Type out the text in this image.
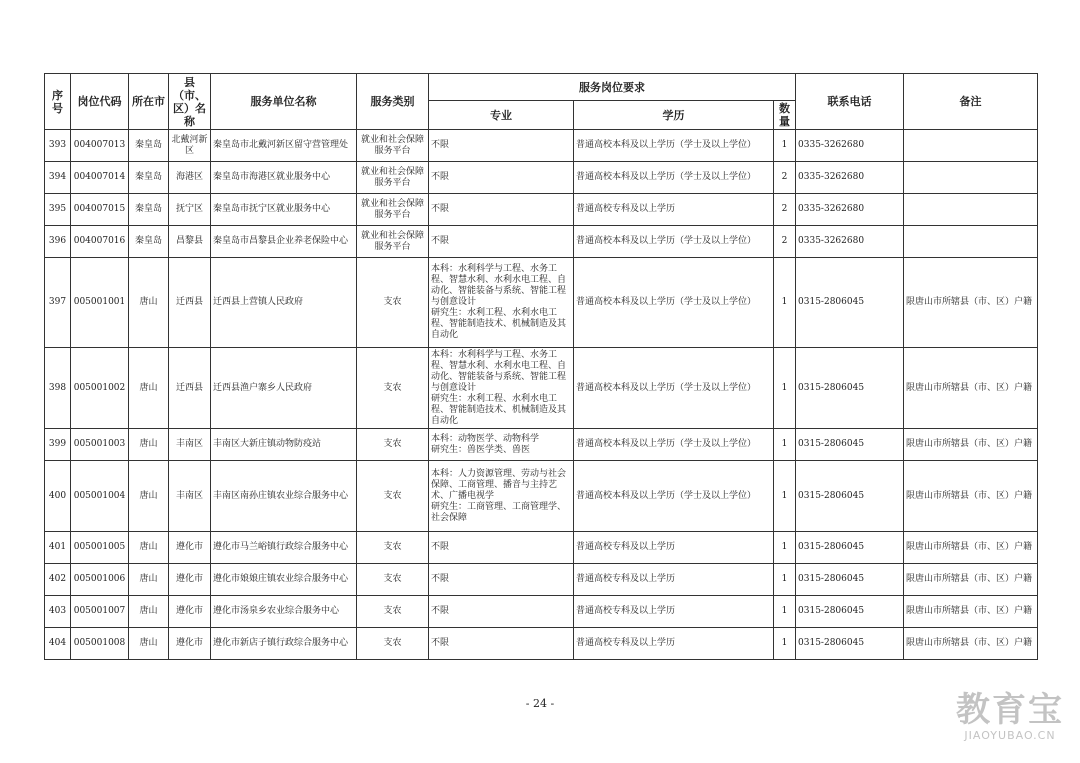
序号	岗位代码	所在市	县（市、区）名称	服务单位名称	服务类别	服务岗位要求			联系电话	备注
						专业	学历	数量		
393	004007013	秦皇岛	北戴河新区	秦皇岛市北戴河新区留守营管理处	就业和社会保障服务平台	不限	普通高校本科及以上学历（学士及以上学位）	1	0335-3262680	
394	004007014	秦皇岛	海港区	秦皇岛市海港区就业服务中心	就业和社会保障服务平台	不限	普通高校本科及以上学历（学士及以上学位）	2	0335-3262680	
395	004007015	秦皇岛	抚宁区	秦皇岛市抚宁区就业服务中心	就业和社会保障服务平台	不限	普通高校专科及以上学历	2	0335-3262680	
396	004007016	秦皇岛	昌黎县	秦皇岛市昌黎县企业养老保险中心	就业和社会保障服务平台	不限	普通高校本科及以上学历（学士及以上学位）	2	0335-3262680	
397	005001001	唐山	迁西县	迁西县上营镇人民政府	支农	本科：水利科学与工程、水务工程、智慧水利、水利水电工程、自动化、智能装备与系统、智能工程与创意设计
研究生：水利工程、水利水电工程、智能制造技术、机械制造及其自动化	普通高校本科及以上学历（学士及以上学位）	1	0315-2806045	限唐山市所辖县（市、区）户籍
398	005001002	唐山	迁西县	迁西县渔户寨乡人民政府	支农	本科：水利科学与工程、水务工程、智慧水利、水利水电工程、自动化、智能装备与系统、智能工程与创意设计
研究生：水利工程、水利水电工程、智能制造技术、机械制造及其自动化	普通高校本科及以上学历（学士及以上学位）	1	0315-2806045	限唐山市所辖县（市、区）户籍
399	005001003	唐山	丰南区	丰南区大新庄镇动物防疫站	支农	本科：动物医学、动物科学
研究生：兽医学类、兽医	普通高校本科及以上学历（学士及以上学位）	1	0315-2806045	限唐山市所辖县（市、区）户籍
400	005001004	唐山	丰南区	丰南区南孙庄镇农业综合服务中心	支农	本科：人力资源管理、劳动与社会保障、工商管理、播音与主持艺术、广播电视学
研究生：工商管理、工商管理学、社会保障	普通高校本科及以上学历（学士及以上学位）	1	0315-2806045	限唐山市所辖县（市、区）户籍
401	005001005	唐山	遵化市	遵化市马兰峪镇行政综合服务中心	支农	不限	普通高校专科及以上学历	1	0315-2806045	限唐山市所辖县（市、区）户籍
402	005001006	唐山	遵化市	遵化市娘娘庄镇农业综合服务中心	支农	不限	普通高校专科及以上学历	1	0315-2806045	限唐山市所辖县（市、区）户籍
403	005001007	唐山	遵化市	遵化市汤泉乡农业综合服务中心	支农	不限	普通高校专科及以上学历	1	0315-2806045	限唐山市所辖县（市、区）户籍
404	005001008	唐山	遵化市	遵化市新店子镇行政综合服务中心	支农	不限	普通高校专科及以上学历	1	0315-2806045	限唐山市所辖县（市、区）户籍
- 24 -	教育宝
JIAOYUBAO.CN
